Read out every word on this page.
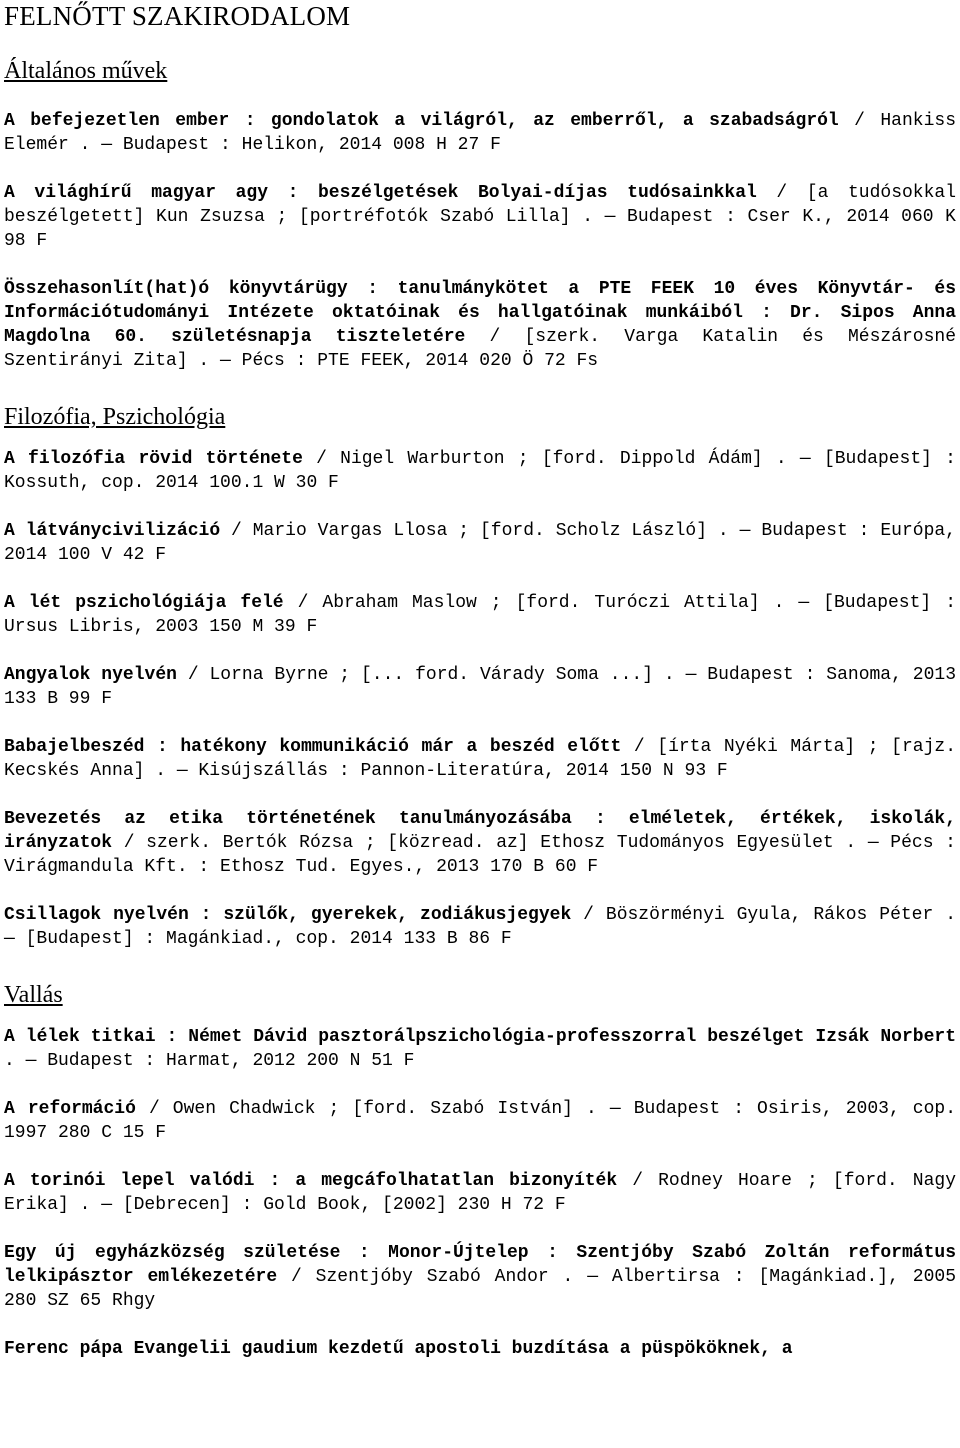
FELNŐTT SZAKIRODALOM
Általános művek

A befejezetlen ember : gondolatok a világról, az emberről, a szabadságról / Hankiss Elemér . — Budapest : Helikon, 2014 008 H 27 F

A világhírű magyar agy : beszélgetések Bolyai-díjas tudósainkkal / [a tudósokkal beszélgetett] Kun Zsuzsa ; [portréfotók Szabó Lilla] . — Budapest : Cser K., 2014 060 K 98 F

Összehasonlít(hat)ó könyvtárügy : tanulmánykötet a PTE FEEK 10 éves Könyvtár- és Információtudományi Intézete oktatóinak és hallgatóinak munkáiból : Dr. Sipos Anna Magdolna 60. születésnapja tiszteletére / [szerk. Varga Katalin és Mészárosné Szentirányi Zita] . — Pécs : PTE FEEK, 2014 020 Ö 72 Fs

Filozófia, Pszichológia

A filozófia rövid története / Nigel Warburton ; [ford. Dippold Ádám] . — [Budapest] : Kossuth, cop. 2014 100.1 W 30 F

A látványcivilizáció / Mario Vargas Llosa ; [ford. Scholz László] . — Budapest : Európa, 2014 100 V 42 F

A lét pszichológiája felé / Abraham Maslow ; [ford. Turóczi Attila] . — [Budapest] : Ursus Libris, 2003 150 M 39 F

Angyalok nyelvén / Lorna Byrne ; [... ford. Várady Soma ...] . — Budapest : Sanoma, 2013 133 B 99 F

Babajelbeszéd : hatékony kommunikáció már a beszéd előtt / [írta Nyéki Márta] ; [rajz. Kecskés Anna] . — Kisújszállás : Pannon-Literatúra, 2014 150 N 93 F

Bevezetés az etika történetének tanulmányozásába : elméletek, értékek, iskolák, irányzatok / szerk. Bertók Rózsa ; [közread. az] Ethosz Tudományos Egyesület . — Pécs : Virágmandula Kft. : Ethosz Tud. Egyes., 2013 170 B 60 F

Csillagok nyelvén : szülők, gyerekek, zodiákusjegyek / Böszörményi Gyula, Rákos Péter . — [Budapest] : Magánkiad., cop. 2014 133 B 86 F

Vallás

A lélek titkai : Német Dávid pasztorálpszichológia-professzorral beszélget Izsák Norbert . — Budapest : Harmat, 2012 200 N 51 F

A reformáció / Owen Chadwick ; [ford. Szabó István] . — Budapest : Osiris, 2003, cop. 1997 280 C 15 F

A torinói lepel valódi : a megcáfolhatatlan bizonyíték / Rodney Hoare ; [ford. Nagy Erika] . — [Debrecen] : Gold Book, [2002] 230 H 72 F

Egy új egyházközség születése : Monor-Újtelep : Szentjóby Szabó Zoltán református lelkipásztor emlékezetére / Szentjóby Szabó Andor . — Albertirsa : [Magánkiad.], 2005 280 SZ 65 Rhgy

Ferenc pápa Evangelii gaudium kezdetű apostoli buzdítása a püspököknek, a
